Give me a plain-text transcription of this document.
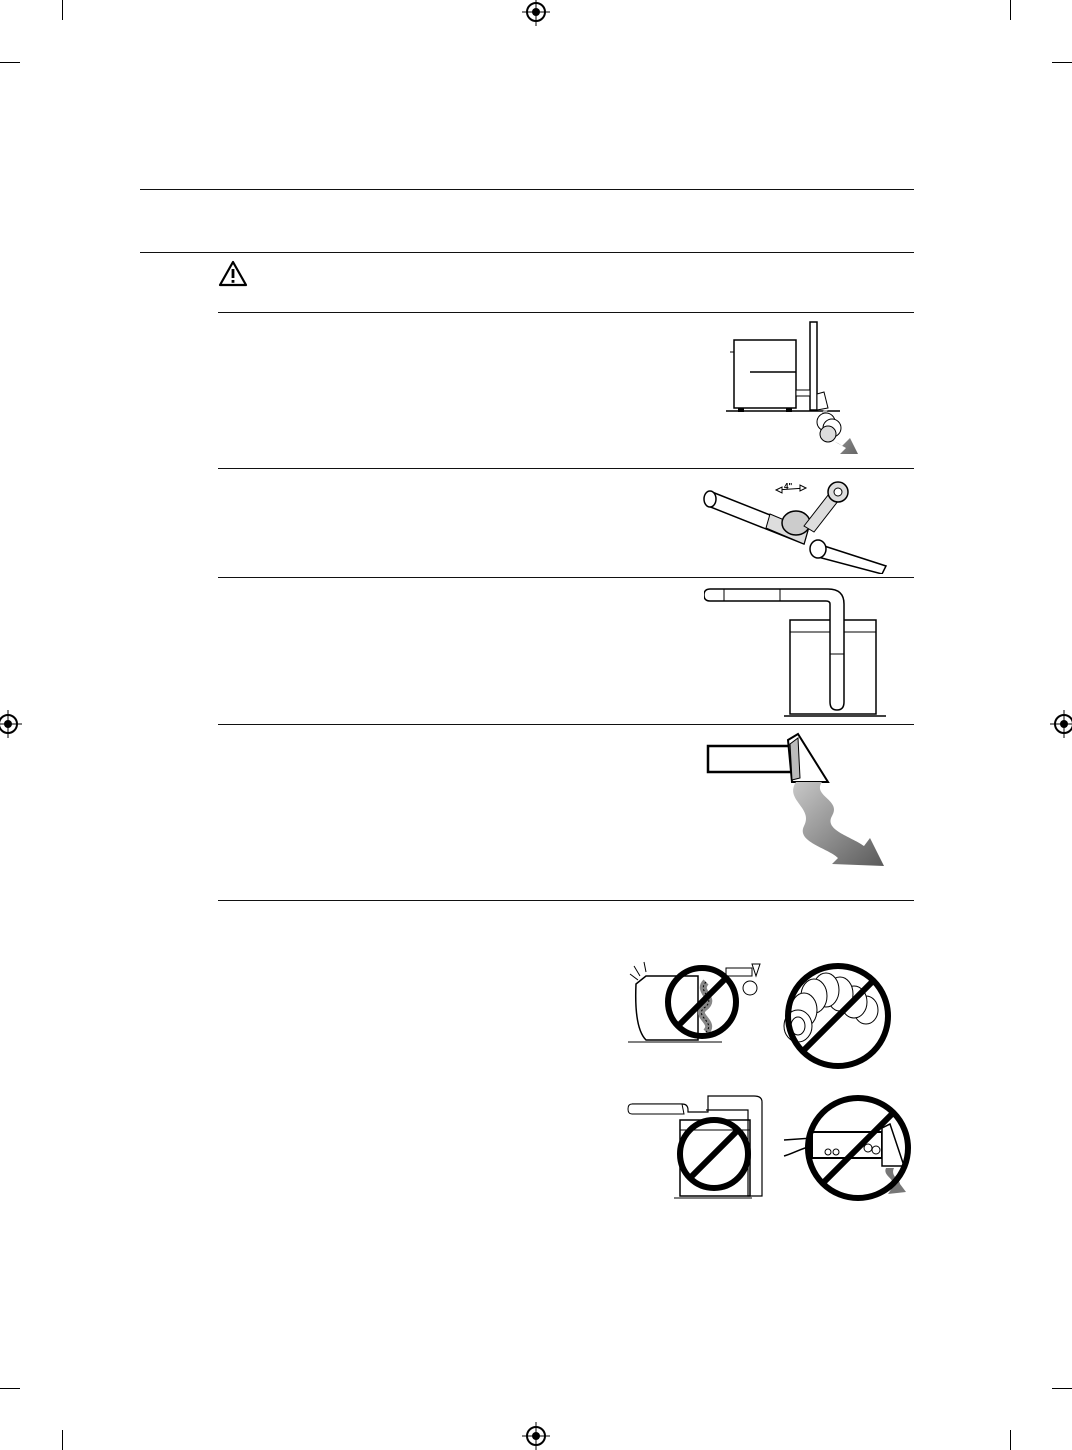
4"
